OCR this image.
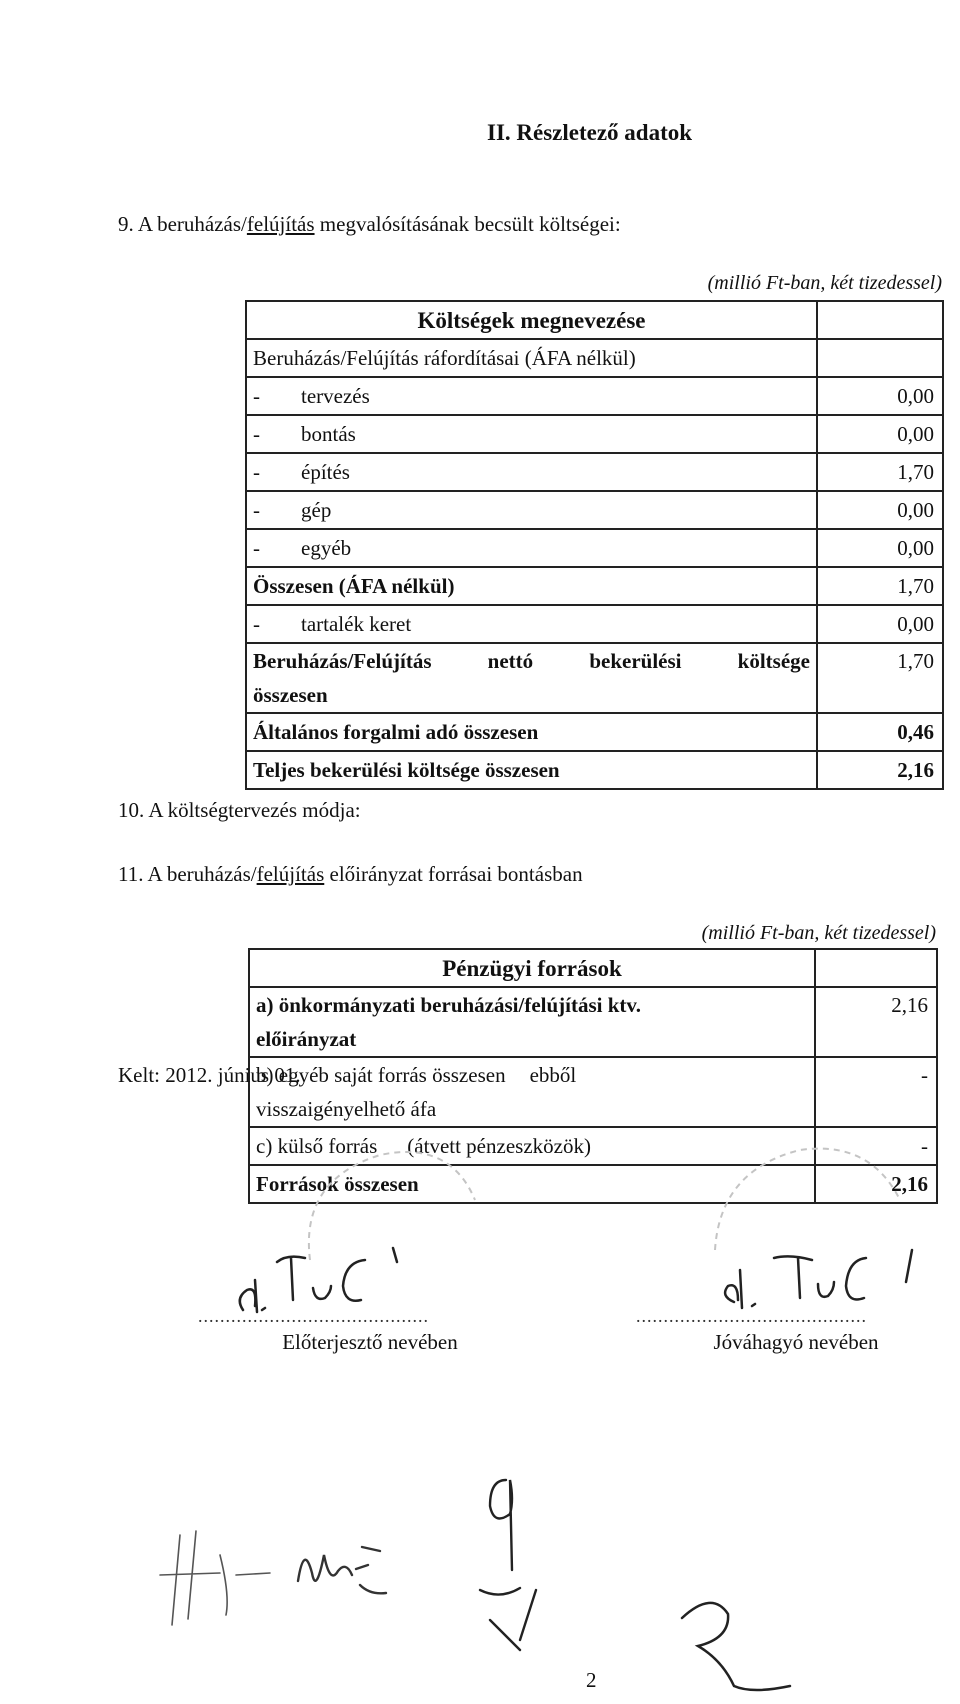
II. Részletező adatok
9. A beruházás/felújítás megvalósításának becsült költségei:
(millió Ft-ban, két tizedessel)
Költségek megnevezése	
Beruházás/Felújítás ráfordításai (ÁFA nélkül)	
- tervezés	0,00
- bontás	0,00
- építés	1,70
- gép	0,00
- egyéb	0,00
Összesen (ÁFA nélkül)	1,70
- tartalék keret	0,00

Beruházás/Felújítás nettó bekerülési költsége
összesen	1,70
Általános forgalmi adó összesen	0,46
Teljes bekerülési költsége összesen	2,16
10. A költségtervezés módja:
11. A beruházás/felújítás előirányzat forrásai bontásban
(millió Ft-ban, két tizedessel)
Pénzügyi források	

a) önkormányzati beruházási/felújítási ktv.
előirányzat	2,16

b) egyéb saját forrás összesen ebből
visszaigényelhető áfa	-
c) külső forrás (átvett pénzeszközök)	-
Források összesen	2,16
Kelt: 2012. június 01.
..........................................
Előterjesztő nevében
..........................................
Jóváhagyó nevében
2
